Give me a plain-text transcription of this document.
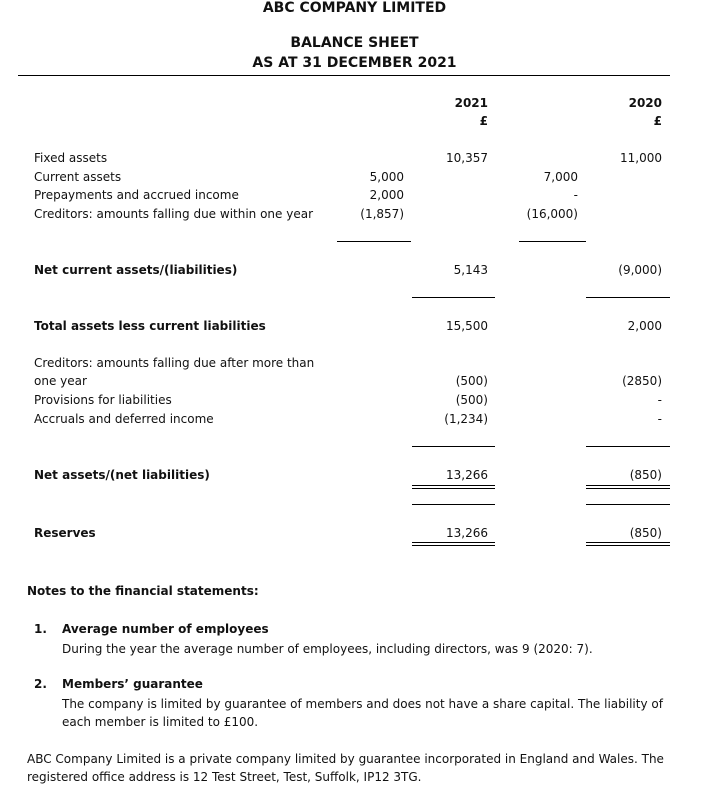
ABC COMPANY LIMITED
BALANCE SHEET
AS AT 31 DECEMBER 2021
2021	2020
£	£
Fixed assets	10,357	11,000
Current assets	5,000	7,000
Prepayments and accrued income	2,000	-
Creditors: amounts falling due within one year	(1,857)	(16,000)
Net current assets/(liabilities)	5,143	(9,000)
Total assets less current liabilities	15,500	2,000
Creditors: amounts falling due after more than
one year	(500)	(2850)
Provisions for liabilities	(500)	-
Accruals and deferred income	(1,234)	-
Net assets/(net liabilities)	13,266	(850)
Reserves	13,266	(850)
Notes to the financial statements:
1. Average number of employees
During the year the average number of employees, including directors, was 9 (2020: 7).
2. Members’ guarantee
The company is limited by guarantee of members and does not have a share capital. The liability of each member is limited to £100.
ABC Company Limited is a private company limited by guarantee incorporated in England and Wales. The registered office address is 12 Test Street, Test, Suffolk, IP12 3TG.
